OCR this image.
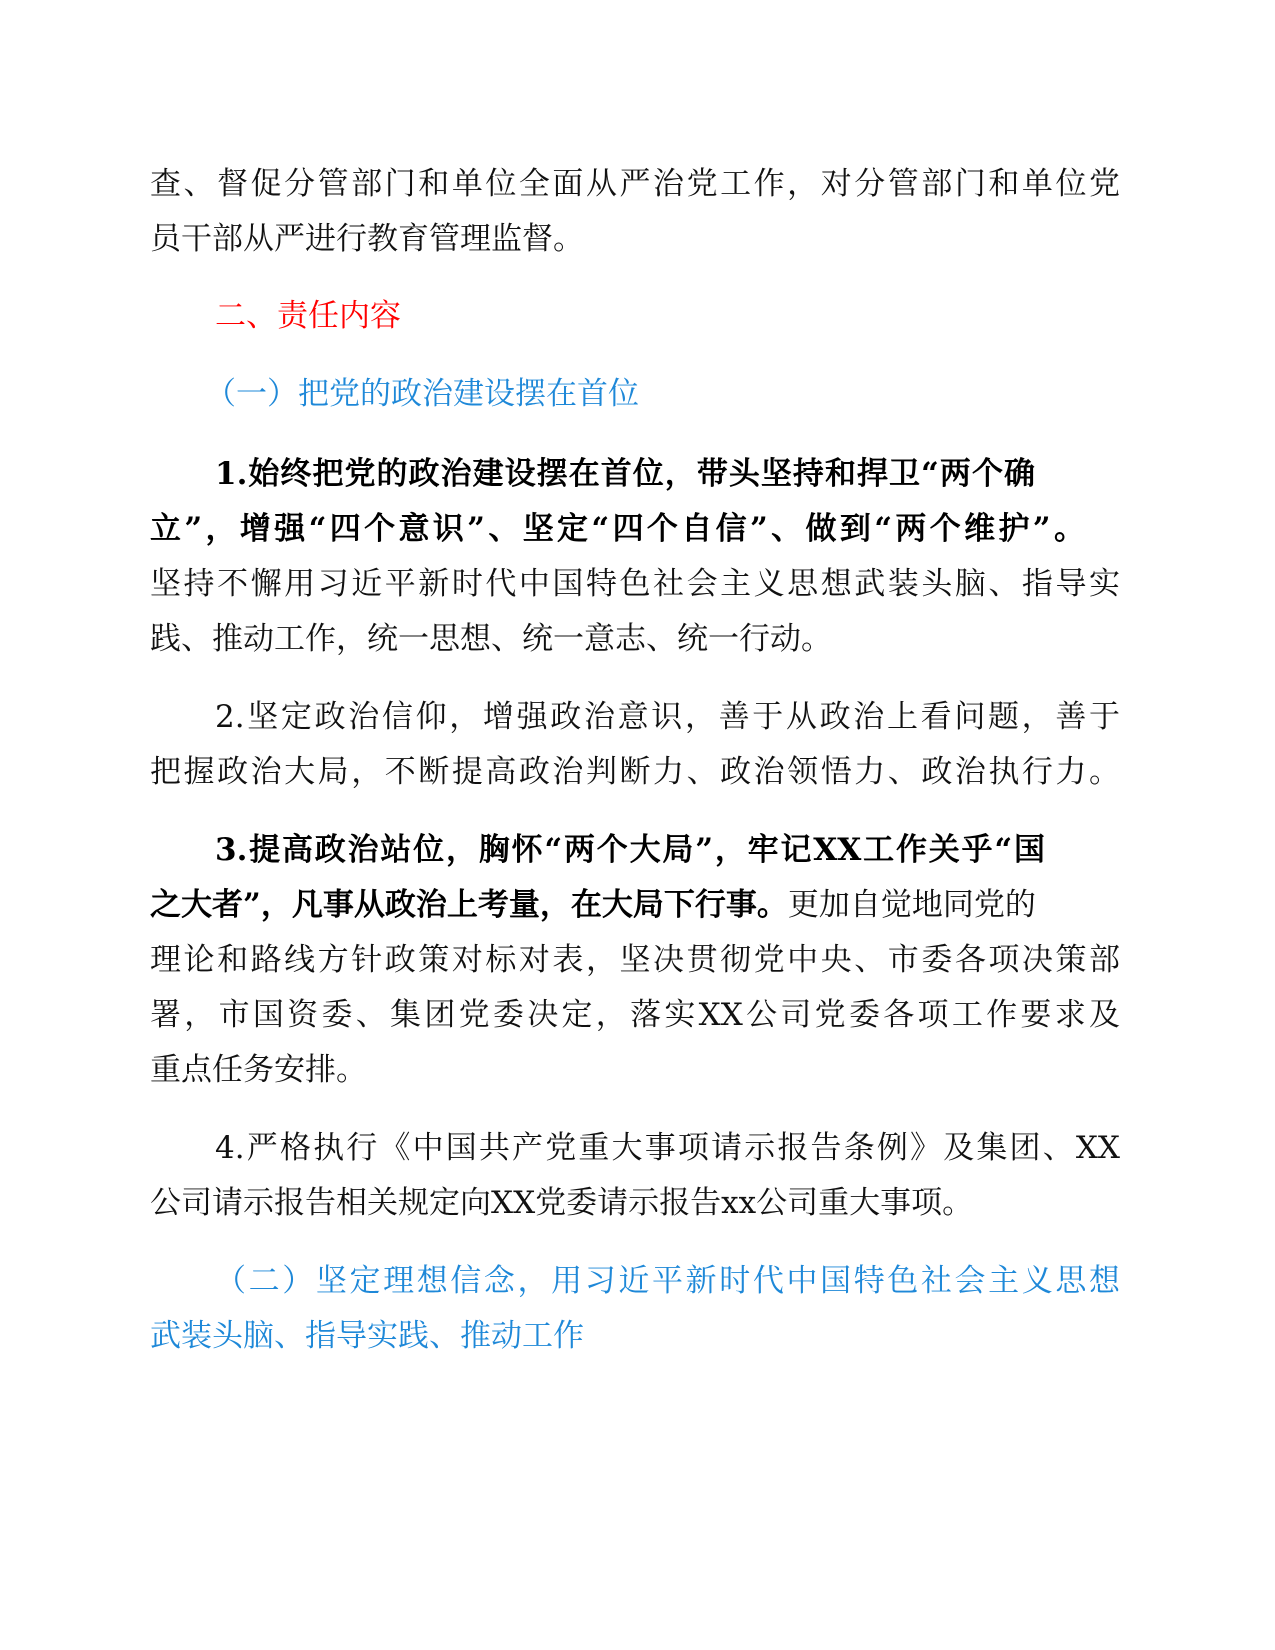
查、督促分管部门和单位全面从严治党工作，对分管部门和单位党
员干部从严进行教育管理监督。
二、责任内容
（一）把党的政治建设摆在首位
1.始终把党的政治建设摆在首位，带头坚持和捍卫“两个确
立”，增强“四个意识”、坚定“四个自信”、做到“两个维护”。
坚持不懈用习近平新时代中国特色社会主义思想武装头脑、指导实
践、推动工作，统一思想、统一意志、统一行动。
2.坚定政治信仰，增强政治意识，善于从政治上看问题，善于
把握政治大局，不断提高政治判断力、政治领悟力、政治执行力。
3.提高政治站位，胸怀“两个大局”，牢记XX工作关乎“国
之大者”，凡事从政治上考量，在大局下行事。更加自觉地同党的
理论和路线方针政策对标对表，坚决贯彻党中央、市委各项决策部
署，市国资委、集团党委决定，落实XX公司党委各项工作要求及
重点任务安排。
4.严格执行《中国共产党重大事项请示报告条例》及集团、XX
公司请示报告相关规定向XX党委请示报告xx公司重大事项。
（二）坚定理想信念，用习近平新时代中国特色社会主义思想
武装头脑、指导实践、推动工作
